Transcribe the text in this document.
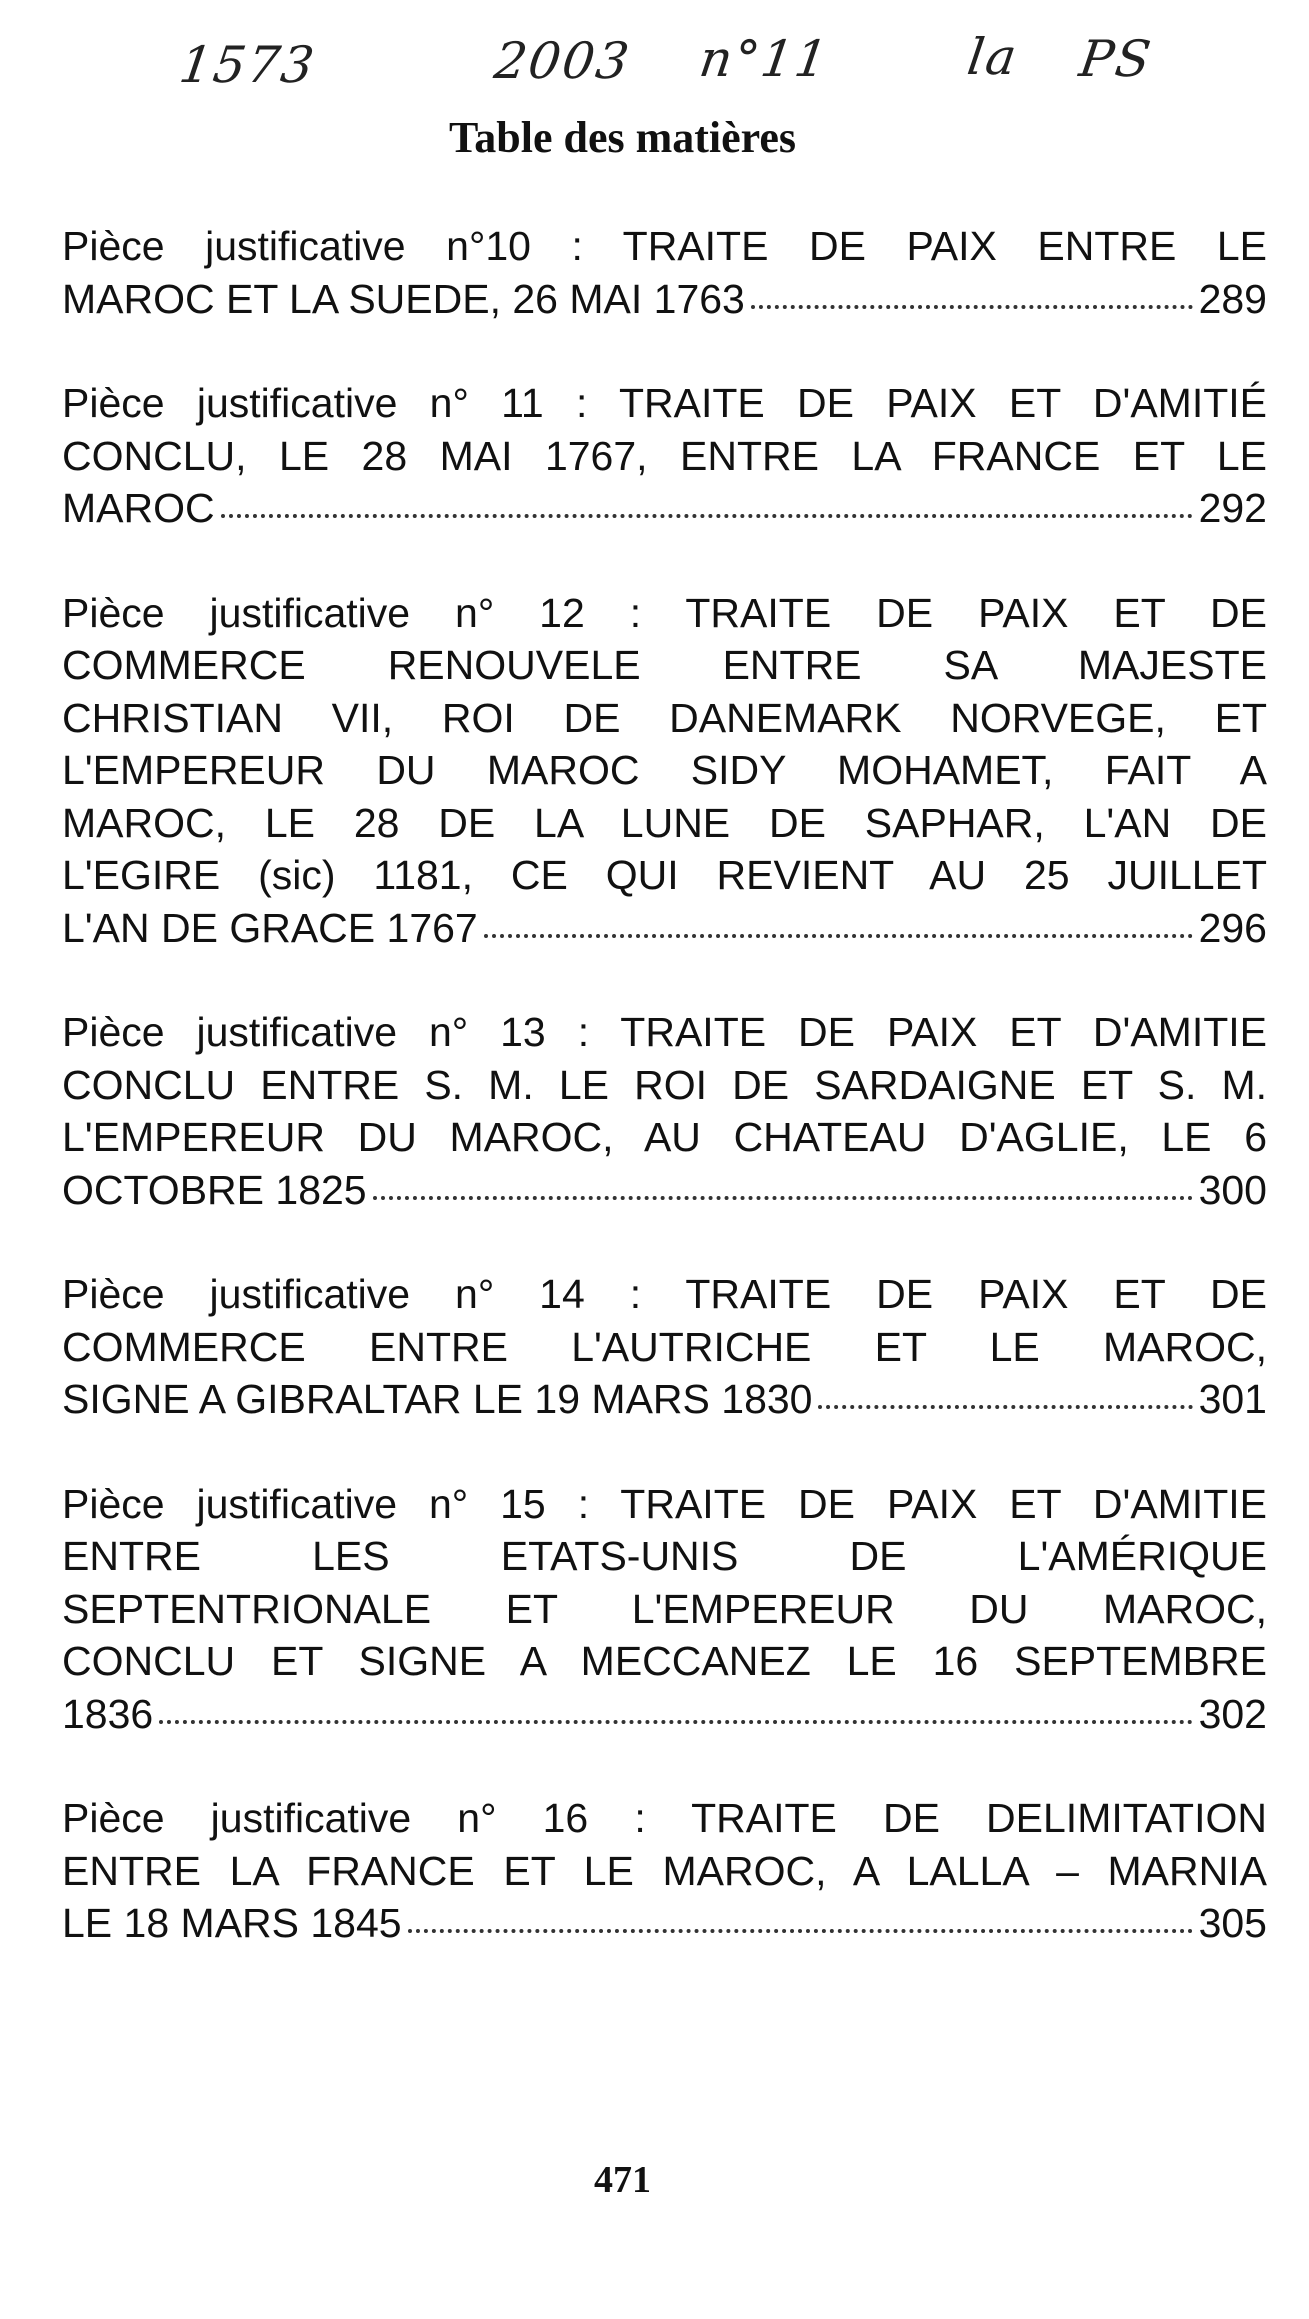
1573	2003 n°11	la PS
Table des matières
Pièce justificative n°10 : TRAITE DE PAIX ENTRE LE
MAROC ET LA SUEDE, 26 MAI 1763	289
Pièce justificative n° 11 : TRAITE DE PAIX ET D'AMITIÉ
CONCLU, LE 28 MAI 1767, ENTRE LA FRANCE ET LE
MAROC	292
Pièce justificative n° 12 : TRAITE DE PAIX ET DE
COMMERCE RENOUVELE ENTRE SA MAJESTE
CHRISTIAN VII, ROI DE DANEMARK NORVEGE, ET
L'EMPEREUR DU MAROC SIDY MOHAMET, FAIT A
MAROC, LE 28 DE LA LUNE DE SAPHAR, L'AN DE
L'EGIRE (sic) 1181, CE QUI REVIENT AU 25 JUILLET
L'AN DE GRACE 1767	296
Pièce justificative n° 13 : TRAITE DE PAIX ET D'AMITIE
CONCLU ENTRE S. M. LE ROI DE SARDAIGNE ET S. M.
L'EMPEREUR DU MAROC, AU CHATEAU D'AGLIE, LE 6
OCTOBRE 1825	300
Pièce justificative n° 14 : TRAITE DE PAIX ET DE
COMMERCE ENTRE L'AUTRICHE ET LE MAROC,
SIGNE A GIBRALTAR LE 19 MARS 1830	301
Pièce justificative n° 15 : TRAITE DE PAIX ET D'AMITIE
ENTRE LES ETATS-UNIS DE L'AMÉRIQUE
SEPTENTRIONALE ET L'EMPEREUR DU MAROC,
CONCLU ET SIGNE A MECCANEZ LE 16 SEPTEMBRE
1836	302
Pièce justificative n° 16 : TRAITE DE DELIMITATION
ENTRE LA FRANCE ET LE MAROC, A LALLA – MARNIA
LE 18 MARS 1845	305
471
